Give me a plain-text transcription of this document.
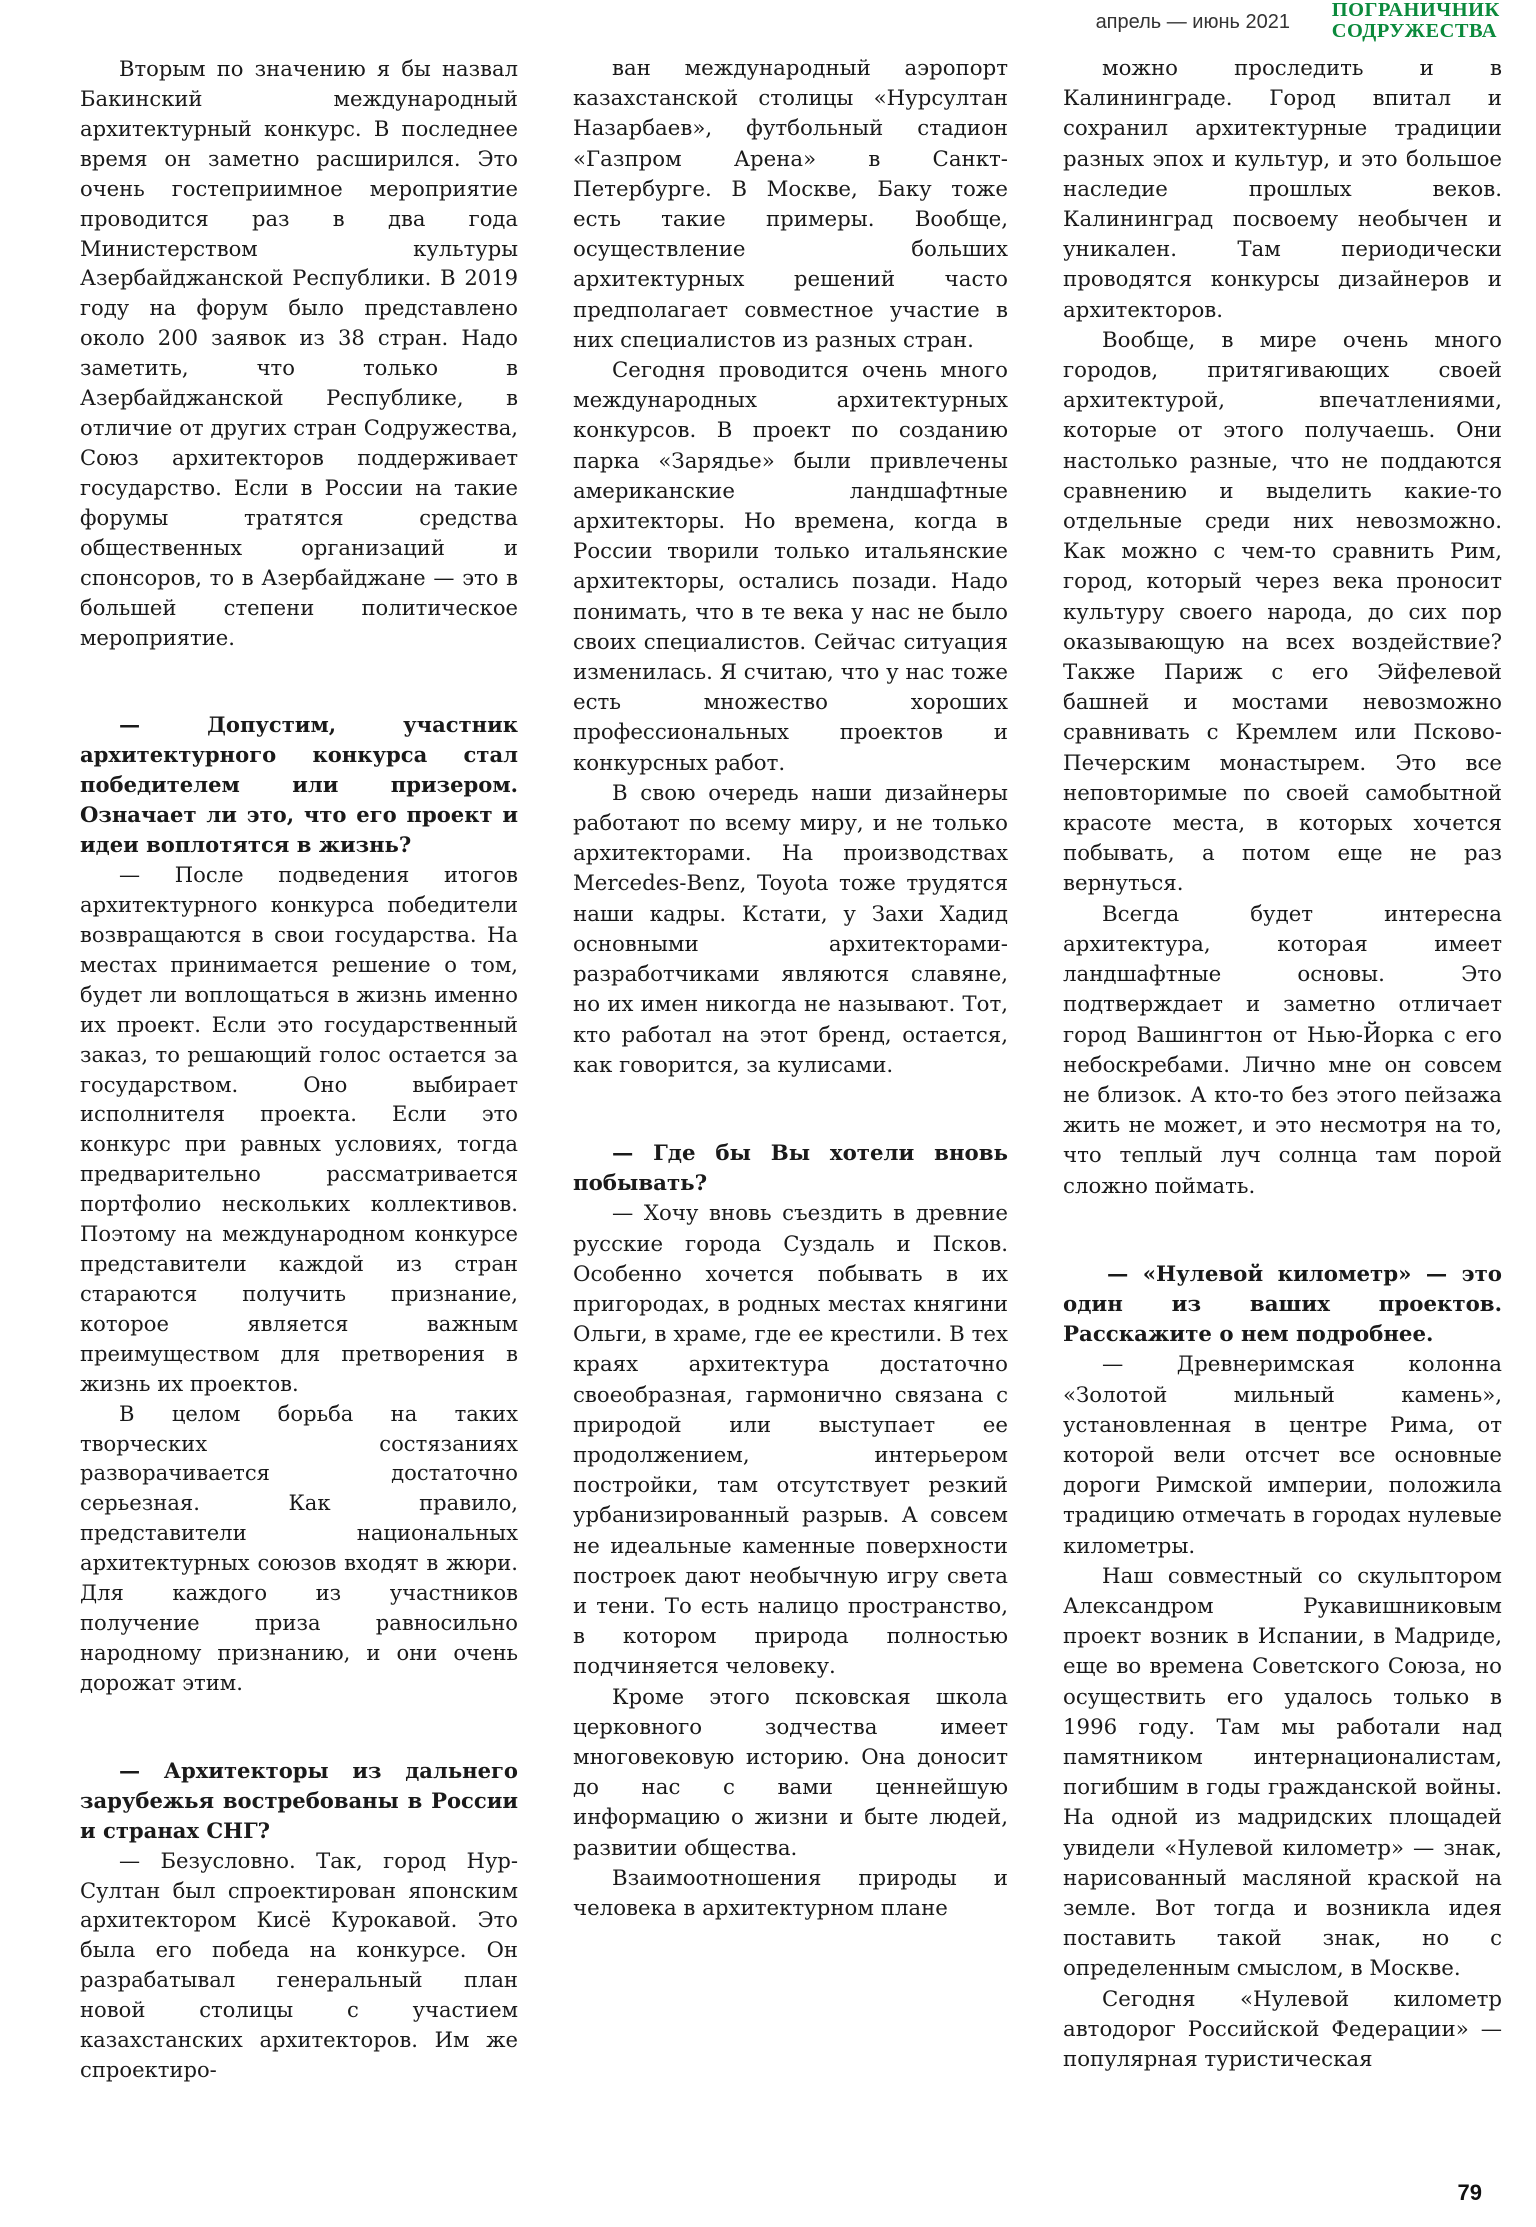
апрель — июнь 2021
ПОГРАНИЧНИК
СОДРУЖЕСТВА

Вторым по значению я бы назвал Бакинский международный архитектурный конкурс. В последнее время он заметно расширился. Это очень гостеприимное мероприятие проводится раз в два года Министерством культуры Азербайджанской Республики. В 2019 году на форум было представлено около 200 заявок из 38 стран. Надо заметить, что только в Азербайджанской Республике, в отличие от других стран Содружества, Союз архитекторов поддерживает государство. Если в России на такие форумы тратятся средства общественных организаций и спонсоров, то в Азербайджане — это в большей степени политическое мероприятие.

— Допустим, участник архитектурного конкурса стал победителем или призером. Означает ли это, что его проект и идеи воплотятся в жизнь?

— После подведения итогов архитектурного конкурса победители возвращаются в свои государства. На местах принимается решение о том, будет ли воплощаться в жизнь именно их проект. Если это государственный заказ, то решающий голос остается за государством. Оно выбирает исполнителя проекта. Если это конкурс при равных условиях, тогда предварительно рассматривается портфолио нескольких коллективов. Поэтому на международном конкурсе представители каждой из стран стараются получить признание, которое является важным преимуществом для претворения в жизнь их проектов.

В целом борьба на таких творческих состязаниях разворачивается достаточно серьезная. Как правило, представители национальных архитектурных союзов входят в жюри. Для каждого из участников получение приза равносильно народному признанию, и они очень дорожат этим.

— Архитекторы из дальнего зарубежья востребованы в России и странах СНГ?

— Безусловно. Так, город Нур-Султан был спроектирован японским архитектором Кисё Курокавой. Это была его победа на конкурсе. Он разрабатывал генеральный план новой столицы с участием казахстанских архитекторов. Им же спроектиро-

ван международный аэропорт казахстанской столицы «Нурсултан Назарбаев», футбольный стадион «Газпром Арена» в Санкт-Петербурге. В Москве, Баку тоже есть такие примеры. Вообще, осуществление больших архитектурных решений часто предполагает совместное участие в них специалистов из разных стран.

Сегодня проводится очень много международных архитектурных конкурсов. В проект по созданию парка «Зарядье» были привлечены американские ландшафтные архитекторы. Но времена, когда в России творили только итальянские архитекторы, остались позади. Надо понимать, что в те века у нас не было своих специалистов. Сейчас ситуация изменилась. Я считаю, что у нас тоже есть множество хороших профессиональных проектов и конкурсных работ.

В свою очередь наши дизайнеры работают по всему миру, и не только архитекторами. На производствах Mercedes-Benz, Toyota тоже трудятся наши кадры. Кстати, у Захи Хадид основными архитекторами-разработчиками являются славяне, но их имен никогда не называют. Тот, кто работал на этот бренд, остается, как говорится, за кулисами.

— Где бы Вы хотели вновь побывать?

— Хочу вновь съездить в древние русские города Суздаль и Псков. Особенно хочется побывать в их пригородах, в родных местах княгини Ольги, в храме, где ее крестили. В тех краях архитектура достаточно своеобразная, гармонично связана с природой или выступает ее продолжением, интерьером постройки, там отсутствует резкий урбанизированный разрыв. А совсем не идеальные каменные поверхности построек дают необычную игру света и тени. То есть налицо пространство, в котором природа полностью подчиняется человеку.

Кроме этого псковская школа церковного зодчества имеет многовековую историю. Она доносит до нас с вами ценнейшую информацию о жизни и быте людей, развитии общества.

Взаимоотношения природы и человека в архитектурном плане

можно проследить и в Калининграде. Город впитал и сохранил архитектурные традиции разных эпох и культур, и это большое наследие прошлых веков. Калининград посвоему необычен и уникален. Там периодически проводятся конкурсы дизайнеров и архитекторов.

Вообще, в мире очень много городов, притягивающих своей архитектурой, впечатлениями, которые от этого получаешь. Они настолько разные, что не поддаются сравнению и выделить какие-то отдельные среди них невозможно. Как можно с чем-то сравнить Рим, город, который через века проносит культуру своего народа, до сих пор оказывающую на всех воздействие? Также Париж с его Эйфелевой башней и мостами невозможно сравнивать с Кремлем или Псково-Печерским монастырем. Это все неповторимые по своей самобытной красоте места, в которых хочется побывать, а потом еще не раз вернуться.

Всегда будет интересна архитектура, которая имеет ландшафтные основы. Это подтверждает и заметно отличает город Вашингтон от Нью-Йорка с его небоскребами. Лично мне он совсем не близок. А кто-то без этого пейзажа жить не может, и это несмотря на то, что теплый луч солнца там порой сложно поймать.

— «Нулевой километр» — это один из ваших проектов. Расскажите о нем подробнее.

— Древнеримская колонна «Золотой мильный камень», установленная в центре Рима, от которой вели отсчет все основные дороги Римской империи, положила традицию отмечать в городах нулевые километры.

Наш совместный со скульптором Александром Рукавишниковым проект возник в Испании, в Мадриде, еще во времена Советского Союза, но осуществить его удалось только в 1996 году. Там мы работали над памятником интернационалистам, погибшим в годы гражданской войны. На одной из мадридских площадей увидели «Нулевой километр» — знак, нарисованный масляной краской на земле. Вот тогда и возникла идея поставить такой знак, но с определенным смыслом, в Москве.

Сегодня «Нулевой километр автодорог Российской Федерации» — популярная туристическая

79
